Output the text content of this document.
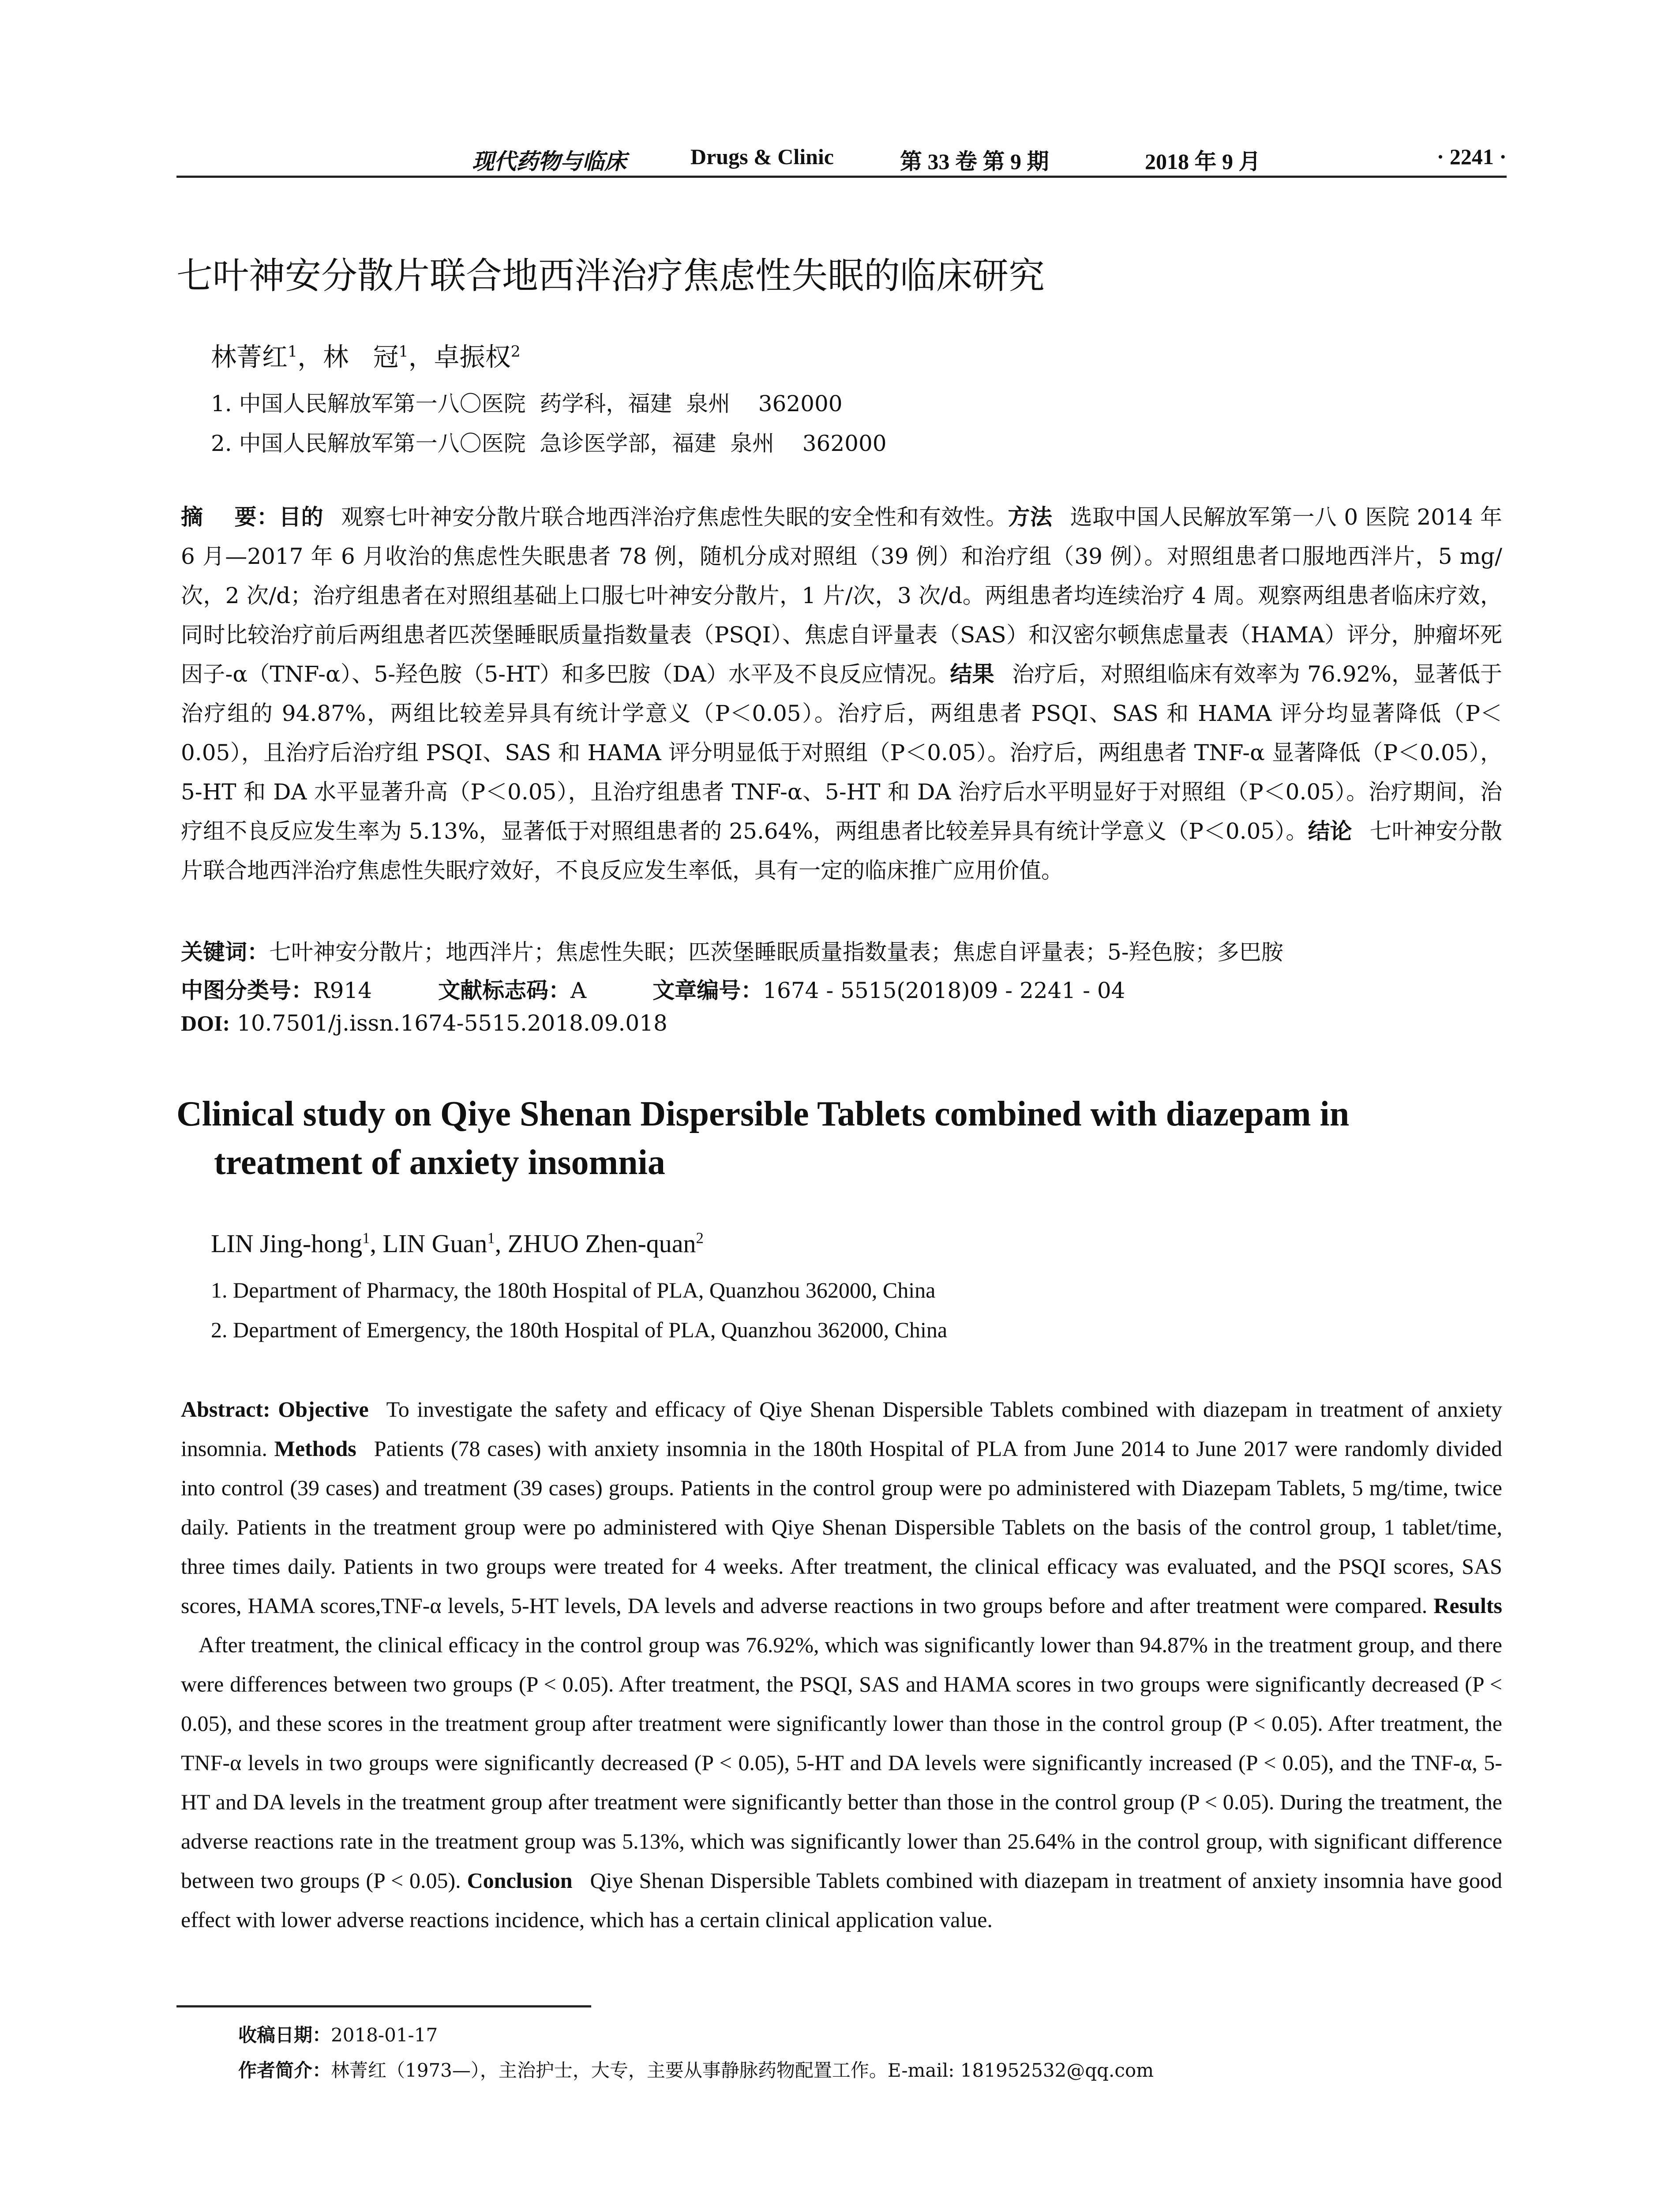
现代药物与临床	Drugs & Clinic	第 33 卷 第 9 期	2018 年 9 月	· 2241 ·
七叶神安分散片联合地西泮治疗焦虑性失眠的临床研究
林菁红$^1$，林   冠$^1$，卓振权$^2$
1. 中国人民解放军第一八〇医院  药学科，福建  泉州    362000
2. 中国人民解放军第一八〇医院  急诊医学部，福建  泉州    362000
摘    要：目的 观察七叶神安分散片联合地西泮治疗焦虑性失眠的安全性和有效性。方法 选取中国人民解放军第一八 0 医院 2014 年 6 月—2017 年 6 月收治的焦虑性失眠患者 78 例，随机分成对照组（39 例）和治疗组（39 例）。对照组患者口服地西泮片，5 mg/次，2 次/d；治疗组患者在对照组基础上口服七叶神安分散片，1 片/次，3 次/d。两组患者均连续治疗 4 周。观察两组患者临床疗效，同时比较治疗前后两组患者匹茨堡睡眠质量指数量表（PSQI）、焦虑自评量表（SAS）和汉密尔顿焦虑量表（HAMA）评分，肿瘤坏死因子-α（TNF-α）、5-羟色胺（5-HT）和多巴胺（DA）水平及不良反应情况。结果 治疗后，对照组临床有效率为 76.92%，显著低于治疗组的 94.87%，两组比较差异具有统计学意义（P＜0.05）。治疗后，两组患者 PSQI、SAS 和 HAMA 评分均显著降低（P＜0.05），且治疗后治疗组 PSQI、SAS 和 HAMA 评分明显低于对照组（P＜0.05）。治疗后，两组患者 TNF-α 显著降低（P＜0.05），5-HT 和 DA 水平显著升高（P＜0.05），且治疗组患者 TNF-α、5-HT 和 DA 治疗后水平明显好于对照组（P＜0.05）。治疗期间，治疗组不良反应发生率为 5.13%，显著低于对照组患者的 25.64%，两组患者比较差异具有统计学意义（P＜0.05）。结论 七叶神安分散片联合地西泮治疗焦虑性失眠疗效好，不良反应发生率低，具有一定的临床推广应用价值。
关键词：七叶神安分散片；地西泮片；焦虑性失眠；匹茨堡睡眠质量指数量表；焦虑自评量表；5-羟色胺；多巴胺
中图分类号：R914	文献标志码：A	文章编号：1674 - 5515(2018)09 - 2241 - 04
DOI: 10.7501/j.issn.1674-5515.2018.09.018
Clinical study on Qiye Shenan Dispersible Tablets combined with diazepam in
treatment of anxiety insomnia
LIN Jing-hong$^1$, LIN Guan$^1$, ZHUO Zhen-quan$^2$
1. Department of Pharmacy, the 180th Hospital of PLA, Quanzhou 362000, China
2. Department of Emergency, the 180th Hospital of PLA, Quanzhou 362000, China
Abstract: Objective To investigate the safety and efficacy of Qiye Shenan Dispersible Tablets combined with diazepam in treatment of anxiety insomnia. Methods Patients (78 cases) with anxiety insomnia in the 180th Hospital of PLA from June 2014 to June 2017 were randomly divided into control (39 cases) and treatment (39 cases) groups. Patients in the control group were po administered with Diazepam Tablets, 5 mg/time, twice daily. Patients in the treatment group were po administered with Qiye Shenan Dispersible Tablets on the basis of the control group, 1 tablet/time, three times daily. Patients in two groups were treated for 4 weeks. After treatment, the clinical efficacy was evaluated, and the PSQI scores, SAS scores, HAMA scores,TNF-α levels, 5-HT levels, DA levels and adverse reactions in two groups before and after treatment were compared. ResultsAfter treatment, the clinical efficacy in the control group was 76.92%, which was significantly lower than 94.87% in the treatment group, and there were differences between two groups (P < 0.05). After treatment, the PSQI, SAS and HAMA scores in two groups were significantly decreased (P < 0.05), and these scores in the treatment group after treatment were significantly lower than those in the control group (P < 0.05). After treatment, the TNF-α levels in two groups were significantly decreased (P < 0.05), 5-HT and DA levels were significantly increased (P < 0.05), and the TNF-α, 5-HT and DA levels in the treatment group after treatment were significantly better than those in the control group (P < 0.05). During the treatment, the adverse reactions rate in the treatment group was 5.13%, which was significantly lower than 25.64% in the control group, with significant difference between two groups (P < 0.05). Conclusion Qiye Shenan Dispersible Tablets combined with diazepam in treatment of anxiety insomnia have good effect with lower adverse reactions incidence, which has a certain clinical application value.
收稿日期：2018-01-17
作者简介：林菁红（1973—），主治护士，大专，主要从事静脉药物配置工作。E-mail: 181952532@qq.com
